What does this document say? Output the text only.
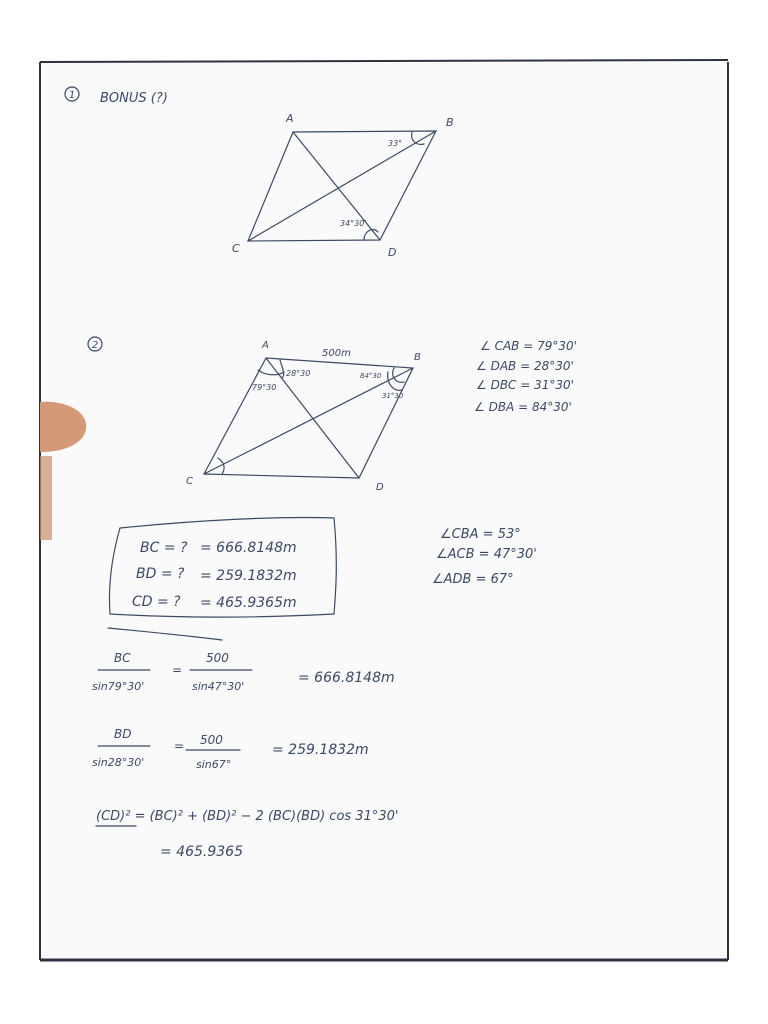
1 BONUS (?)
A	B
C	D
33°
34°30'
2	A
B
C
D
500m
28°30
79°30
84°30
31°30
∠ CAB = 79°30'
∠ DAB = 28°30'
∠ DBC = 31°30'
∠ DBA = 84°30'
∠CBA = 53°
∠ACB = 47°30'
∠ADB = 67°
BC = ? = 666.8148m
BD = ? = 259.1832m
CD = ? = 465.9365m
BC
sin79°30'
=
500
sin47°30'
= 666.8148m
BD
sin28°30'
= 500
sin67°
= 259.1832m
(CD)² = (BC)² + (BD)² − 2 (BC)(BD) cos 31°30'
= 465.9365
